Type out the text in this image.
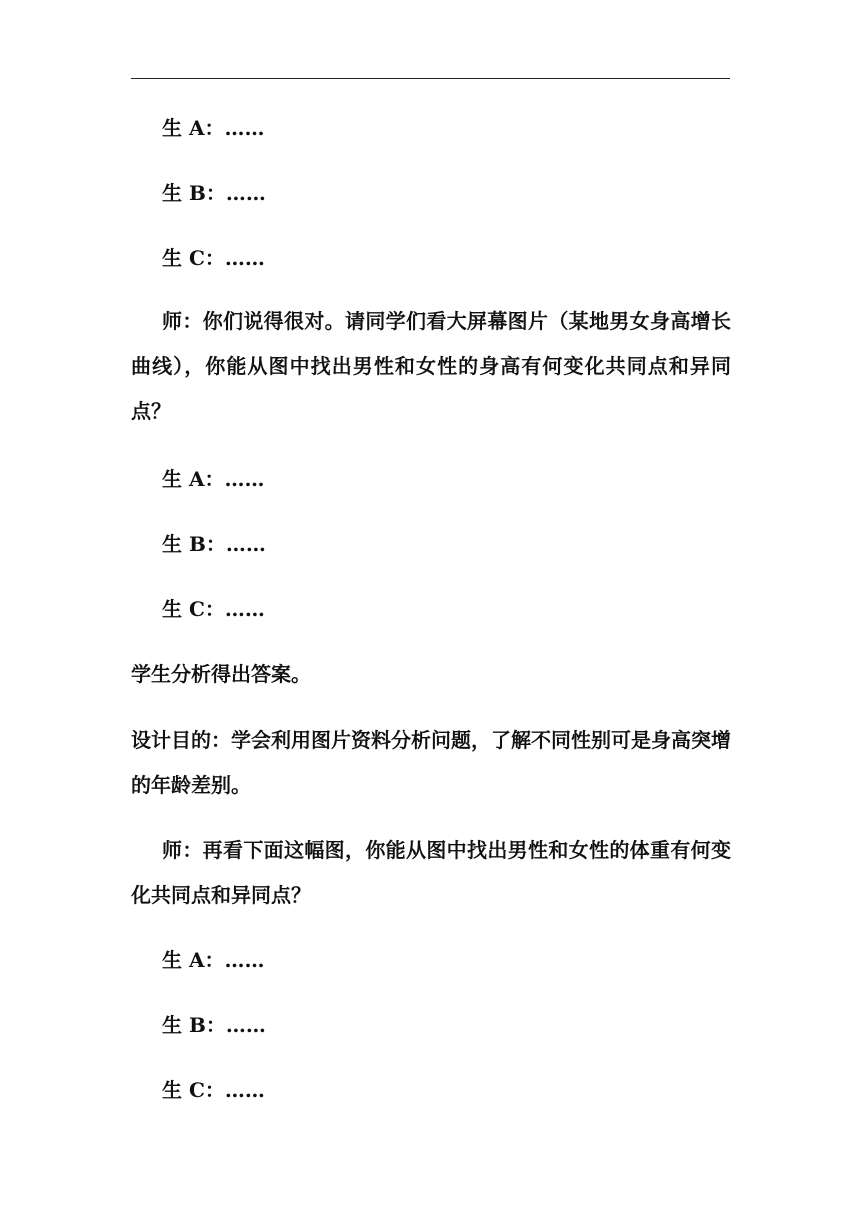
生 A：……

生 B：……

生 C：……

师：你们说得很对。请同学们看大屏幕图片（某地男女身高增长曲线），你能从图中找出男性和女性的身高有何变化共同点和异同点？

生 A：……

生 B：……

生 C：……

学生分析得出答案。

设计目的：学会利用图片资料分析问题，了解不同性别可是身高突增的年龄差别。

师：再看下面这幅图，你能从图中找出男性和女性的体重有何变化共同点和异同点？

生 A：……

生 B：……

生 C：……
